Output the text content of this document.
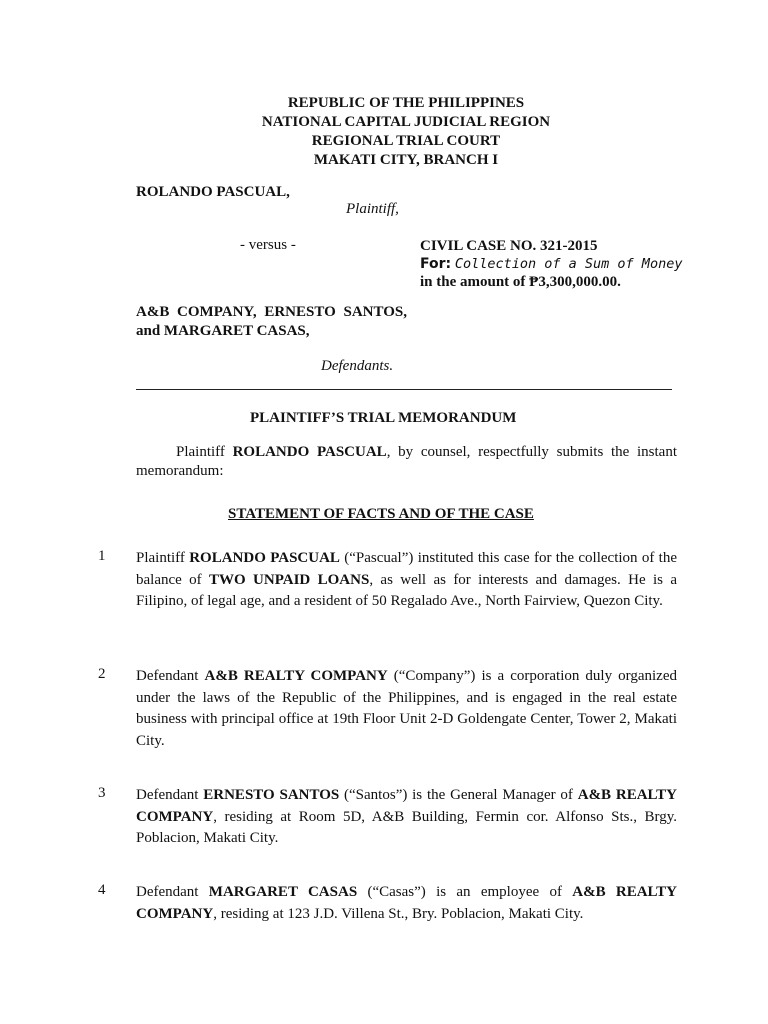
REPUBLIC OF THE PHILIPPINES
NATIONAL CAPITAL JUDICIAL REGION
REGIONAL TRIAL COURT
MAKATI CITY, BRANCH I
ROLANDO PASCUAL,
Plaintiff,
- versus -	CIVIL CASE NO. 321-2015
For: Collection of a Sum of Money
in the amount of ₱3,300,000.00.
A&B COMPANY, ERNESTO SANTOS, and MARGARET CASAS,
Defendants.
PLAINTIFF’S TRIAL MEMORANDUM
Plaintiff ROLANDO PASCUAL, by counsel, respectfully submits the instant memorandum:
STATEMENT OF FACTS AND OF THE CASE
1 Plaintiff ROLANDO PASCUAL (“Pascual”) instituted this case for the collection of the balance of TWO UNPAID LOANS, as well as for interests and damages. He is a Filipino, of legal age, and a resident of 50 Regalado Ave., North Fairview, Quezon City.
2 Defendant A&B REALTY COMPANY (“Company”) is a corporation duly organized under the laws of the Republic of the Philippines, and is engaged in the real estate business with principal office at 19th Floor Unit 2-D Goldengate Center, Tower 2, Makati City.
3 Defendant ERNESTO SANTOS (“Santos”) is the General Manager of A&B REALTY COMPANY, residing at Room 5D, A&B Building, Fermin cor. Alfonso Sts., Brgy. Poblacion, Makati City.
4 Defendant MARGARET CASAS (“Casas”) is an employee of A&B REALTY COMPANY, residing at 123 J.D. Villena St., Bry. Poblacion, Makati City.
